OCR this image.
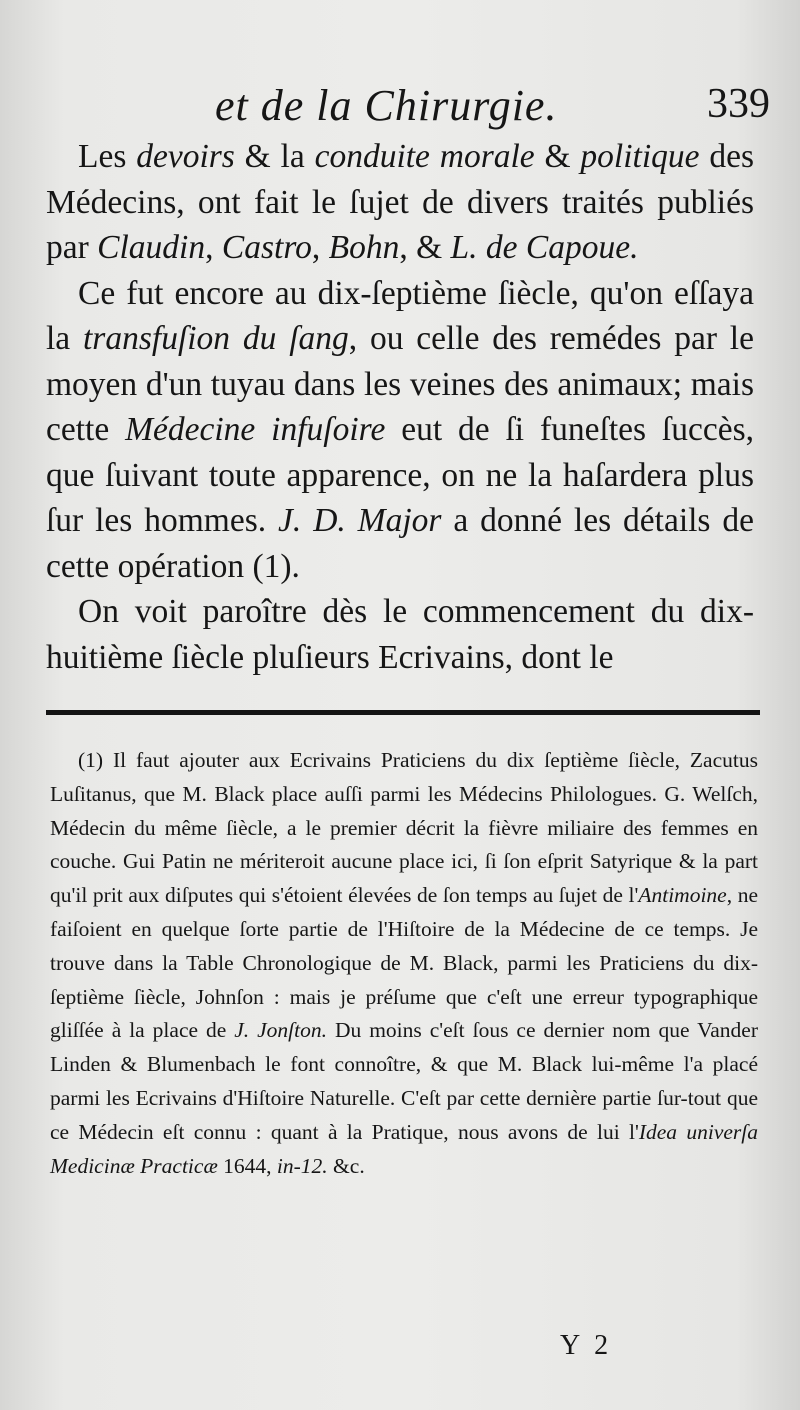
et de la Chirurgie.	339

Les devoirs & la conduite morale & politique des Médecins, ont fait le ſujet de divers traités publiés par Claudin, Castro, Bohn, & L. de Capoue.

Ce fut encore au dix-ſeptième ſiècle, qu'on eſſaya la transfuſion du ſang, ou celle des remédes par le moyen d'un tuyau dans les veines des animaux; mais cette Médecine infuſoire eut de ſi funeſtes ſuccès, que ſuivant toute apparence, on ne la haſardera plus ſur les hommes. J. D. Major a donné les détails de cette opération (1).

On voit paroître dès le commencement du dix-huitième ſiècle pluſieurs Ecrivains, dont le

(1) Il faut ajouter aux Ecrivains Praticiens du dix ſeptième ſiècle, Zacutus Luſitanus, que M. Black place auſſi parmi les Médecins Philologues. G. Welſch, Médecin du même ſiècle, a le premier décrit la fièvre miliaire des femmes en couche. Gui Patin ne mériteroit aucune place ici, ſi ſon eſprit Satyrique & la part qu'il prit aux diſputes qui s'étoient élevées de ſon temps au ſujet de l'Antimoine, ne faiſoient en quelque ſorte partie de l'Hiſtoire de la Médecine de ce temps. Je trouve dans la Table Chronologique de M. Black, parmi les Praticiens du dix-ſeptième ſiècle, Johnſon : mais je préſume que c'eſt une erreur typographique gliſſée à la place de J. Jonſton. Du moins c'eſt ſous ce dernier nom que Vander Linden & Blumenbach le font connoître, & que M. Black lui-même l'a placé parmi les Ecrivains d'Hiſtoire Naturelle. C'eſt par cette dernière partie ſur-tout que ce Médecin eſt connu : quant à la Pratique, nous avons de lui l'Idea univerſa Medicinæ Practicæ 1644, in-12. &c.

Y 2
